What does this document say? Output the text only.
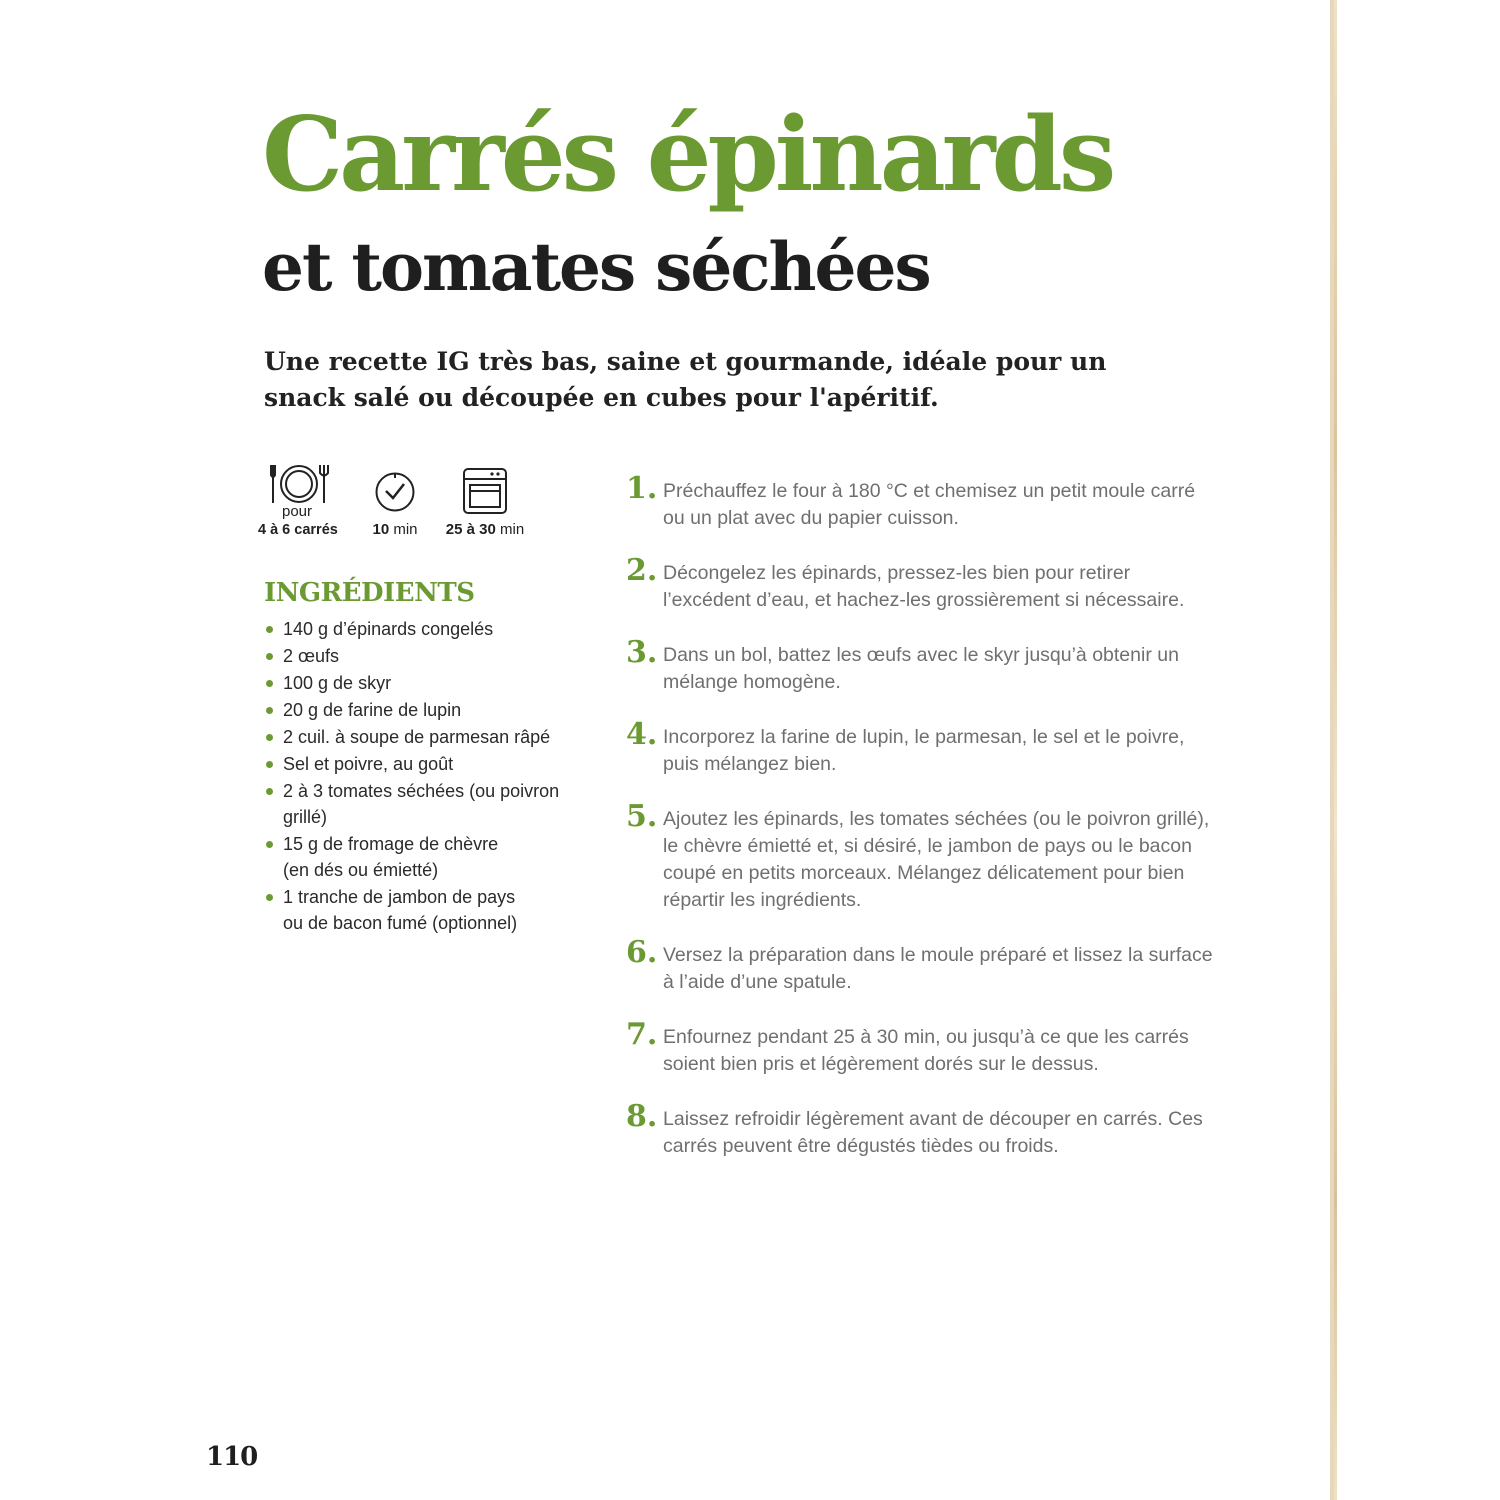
Carrés épinards
et tomates séchées

Une recette IG très bas, saine et gourmande, idéale pour un snack salé ou découpée en cubes pour l'apéritif.

pour
4 à 6 carrés	10 min	25 à 30 min
INGRÉDIENTS
140 g d’épinards congelés
2 œufs
100 g de skyr
20 g de farine de lupin
2 cuil. à soupe de parmesan râpé
Sel et poivre, au goût
2 à 3 tomates séchées (ou poivron grillé)
15 g de fromage de chèvre (en dés ou émietté)
1 tranche de jambon de pays ou de bacon fumé (optionnel)
1. Préchauffez le four à 180 °C et chemisez un petit moule carré ou un plat avec du papier cuisson.

2. Décongelez les épinards, pressez-les bien pour retirer l’excédent d’eau, et hachez-les grossièrement si nécessaire.

3. Dans un bol, battez les œufs avec le skyr jusqu’à obtenir un mélange homogène.

4. Incorporez la farine de lupin, le parmesan, le sel et le poivre, puis mélangez bien.

5. Ajoutez les épinards, les tomates séchées (ou le poivron grillé), le chèvre émietté et, si désiré, le jambon de pays ou le bacon coupé en petits morceaux. Mélangez délicatement pour bien répartir les ingrédients.

6. Versez la préparation dans le moule préparé et lissez la surface à l’aide d’une spatule.

7. Enfournez pendant 25 à 30 min, ou jusqu’à ce que les carrés soient bien pris et légèrement dorés sur le dessus.

8. Laissez refroidir légèrement avant de découper en carrés. Ces carrés peuvent être dégustés tièdes ou froids.

110
